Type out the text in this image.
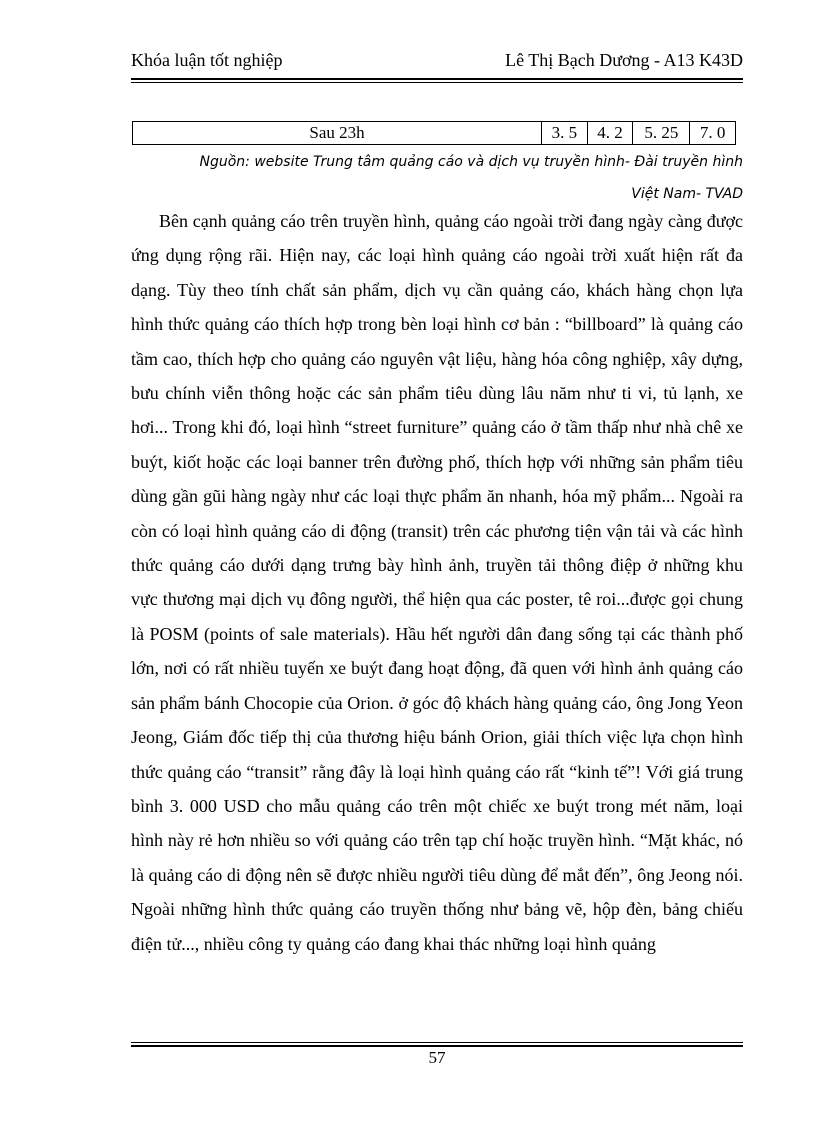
Khóa luận tốt nghiệp	Lê Thị Bạch Dương - A13 K43D
Sau 23h	3. 5	4. 2	5. 25	7. 0
Nguồn: website Trung tâm quảng cáo và dịch vụ truyền hình- Đài truyền hình
Việt Nam- TVAD

Bên cạnh quảng cáo trên truyền hình, quảng cáo ngoài trời đang ngày càng được ứng dụng rộng rãi. Hiện nay, các loại hình quảng cáo ngoài trời xuất hiện rất đa dạng. Tùy theo tính chất sản phẩm, dịch vụ cần quảng cáo, khách hàng chọn lựa hình thức quảng cáo thích hợp trong bèn loại hình cơ bản : “billboard” là quảng cáo tầm cao, thích hợp cho quảng cáo nguyên vật liệu, hàng hóa công nghiệp, xây dựng, bưu chính viễn thông hoặc các sản phẩm tiêu dùng lâu năm như ti vi, tủ lạnh, xe hơi... Trong khi đó, loại hình “street furniture” quảng cáo ở tầm thấp như nhà chê xe buýt, kiốt hoặc các loại banner trên đường phố, thích hợp với những sản phẩm tiêu dùng gần gũi hàng ngày như các loại thực phẩm ăn nhanh, hóa mỹ phẩm... Ngoài ra còn có loại hình quảng cáo di động (transit) trên các phương tiện vận tải và các hình thức quảng cáo dưới dạng trưng bày hình ảnh, truyền tải thông điệp ở những khu vực thương mại dịch vụ đông người, thể hiện qua các poster, tê roi...được gọi chung là POSM (points of sale materials). Hầu hết người dân đang sống tại các thành phố lớn, nơi có rất nhiều tuyến xe buýt đang hoạt động, đã quen với hình ảnh quảng cáo sản phẩm bánh Chocopie của Orion. ở góc độ khách hàng quảng cáo, ông Jong Yeon Jeong, Giám đốc tiếp thị của thương hiệu bánh Orion, giải thích việc lựa chọn hình thức quảng cáo “transit” rằng đây là loại hình quảng cáo rất “kinh tế”! Với giá trung bình 3. 000 USD cho mẫu quảng cáo trên một chiếc xe buýt trong mét năm, loại hình này rẻ hơn nhiều so với quảng cáo trên tạp chí hoặc truyền hình. “Mặt khác, nó là quảng cáo di động nên sẽ được nhiều người tiêu dùng để mắt đến”, ông Jeong nói. Ngoài những hình thức quảng cáo truyền thống như bảng vẽ, hộp đèn, bảng chiếu điện tử..., nhiều công ty quảng cáo đang khai thác những loại hình quảng

57
